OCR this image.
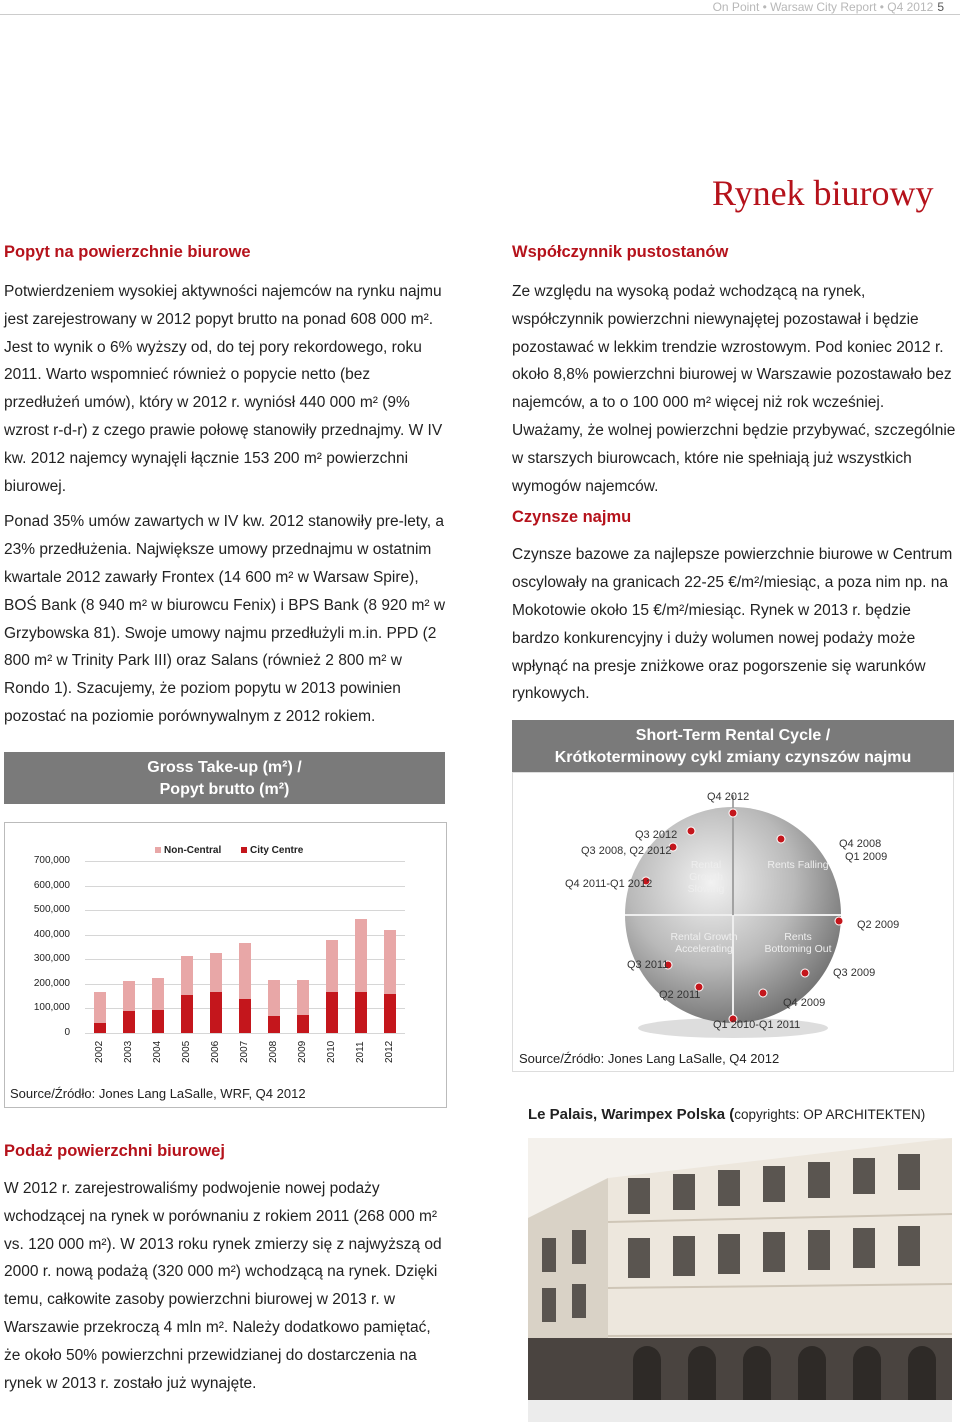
On Point • Warsaw City Report • Q4 2012 5
Rynek biurowy
Popyt na powierzchnie biurowe

Potwierdzeniem wysokiej aktywności najemców na rynku najmu jest zarejestrowany w 2012 popyt brutto na ponad 608 000 m². Jest to wynik o 6% wyższy od, do tej pory rekordowego, roku 2011. Warto wspomnieć również o popycie netto (bez przedłużeń umów), który w 2012 r. wyniósł 440 000 m² (9% wzrost r-d-r) z czego prawie połowę stanowiły przednajmy. W IV kw. 2012 najemcy wynajęli łącznie 153 200 m² powierzchni biurowej.

Ponad 35% umów zawartych w IV kw. 2012 stanowiły pre-lety, a 23% przedłużenia. Największe umowy przednajmu w ostatnim kwartale 2012 zawarły Frontex (14 600 m² w Warsaw Spire), BOŚ Bank (8 940 m² w biurowcu Fenix) i BPS Bank (8 920 m² w Grzybowska 81). Swoje umowy najmu przedłużyli m.in. PPD (2 800 m² w Trinity Park III) oraz Salans (również 2 800 m² w Rondo 1). Szacujemy, że poziom popytu w 2013 powinien pozostać na poziomie porównywalnym z 2012 rokiem.

Gross Take-up (m²) /
Popyt brutto (m²)
0
100,000
200,000
300,000
400,000
500,000
600,000
700,000
Non-Central	City Centre
2002 2003 2004 2005 2006 2007 2008 2009 2010 2011 2012
Source/Źródło: Jones Lang LaSalle, WRF, Q4 2012
Podaż powierzchni biurowej
W 2012 r. zarejestrowaliśmy podwojenie nowej podaży wchodzącej na rynek w porównaniu z rokiem 2011 (268 000 m² vs. 120 000 m²). W 2013 roku rynek zmierzy się z najwyższą od 2000 r. nową podażą (320 000 m²) wchodzącą na rynek. Dzięki temu, całkowite zasoby powierzchni biurowej w 2013 r. w Warszawie przekroczą 4 mln m². Należy dodatkowo pamiętać, że około 50% powierzchni przewidzianej do dostarczenia na rynek w 2013 r. zostało już wynajęte.
Współczynnik pustostanów
Ze względu na wysoką podaż wchodzącą na rynek, współczynnik powierzchni niewynajętej pozostawał i będzie pozostawać w lekkim trendzie wzrostowym. Pod koniec 2012 r. około 8,8% powierzchni biurowej w Warszawie pozostawało bez najemców, a to o 100 000 m² więcej niż rok wcześniej. Uważamy, że wolnej powierzchni będzie przybywać, szczególnie w starszych biurowcach, które nie spełniają już wszystkich wymogów najemców.
Czynsze najmu
Czynsze bazowe za najlepsze powierzchnie biurowe w Centrum oscylowały na granicach 22-25 €/m²/miesiąc, a poza nim np. na Mokotowie około 15 €/m²/miesiąc. Rynek w 2013 r. będzie bardzo konkurencyjny i duży wolumen nowej podaży może wpłynąć na presje zniżkowe oraz pogorszenie się warunków rynkowych.
Short-Term Rental Cycle /
Krótkoterminowy cykl zmiany czynszów najmu
Rental Growth Slowing
Rents Falling
Rental Growth Accelerating
Rents Bottoming Out
Q4 2012
Q3 2012
Q3 2008, Q2 2012
Q4 2008
Q1 2009
Q4 2011-Q1 2012
Q2 2009
Q3 2011
Q3 2009
Q2 2011
Q4 2009
Q1 2010-Q1 2011
Source/Źródło: Jones Lang LaSalle, Q4 2012
Le Palais, Warimpex Polska (copyrights: OP ARCHITEKTEN)
